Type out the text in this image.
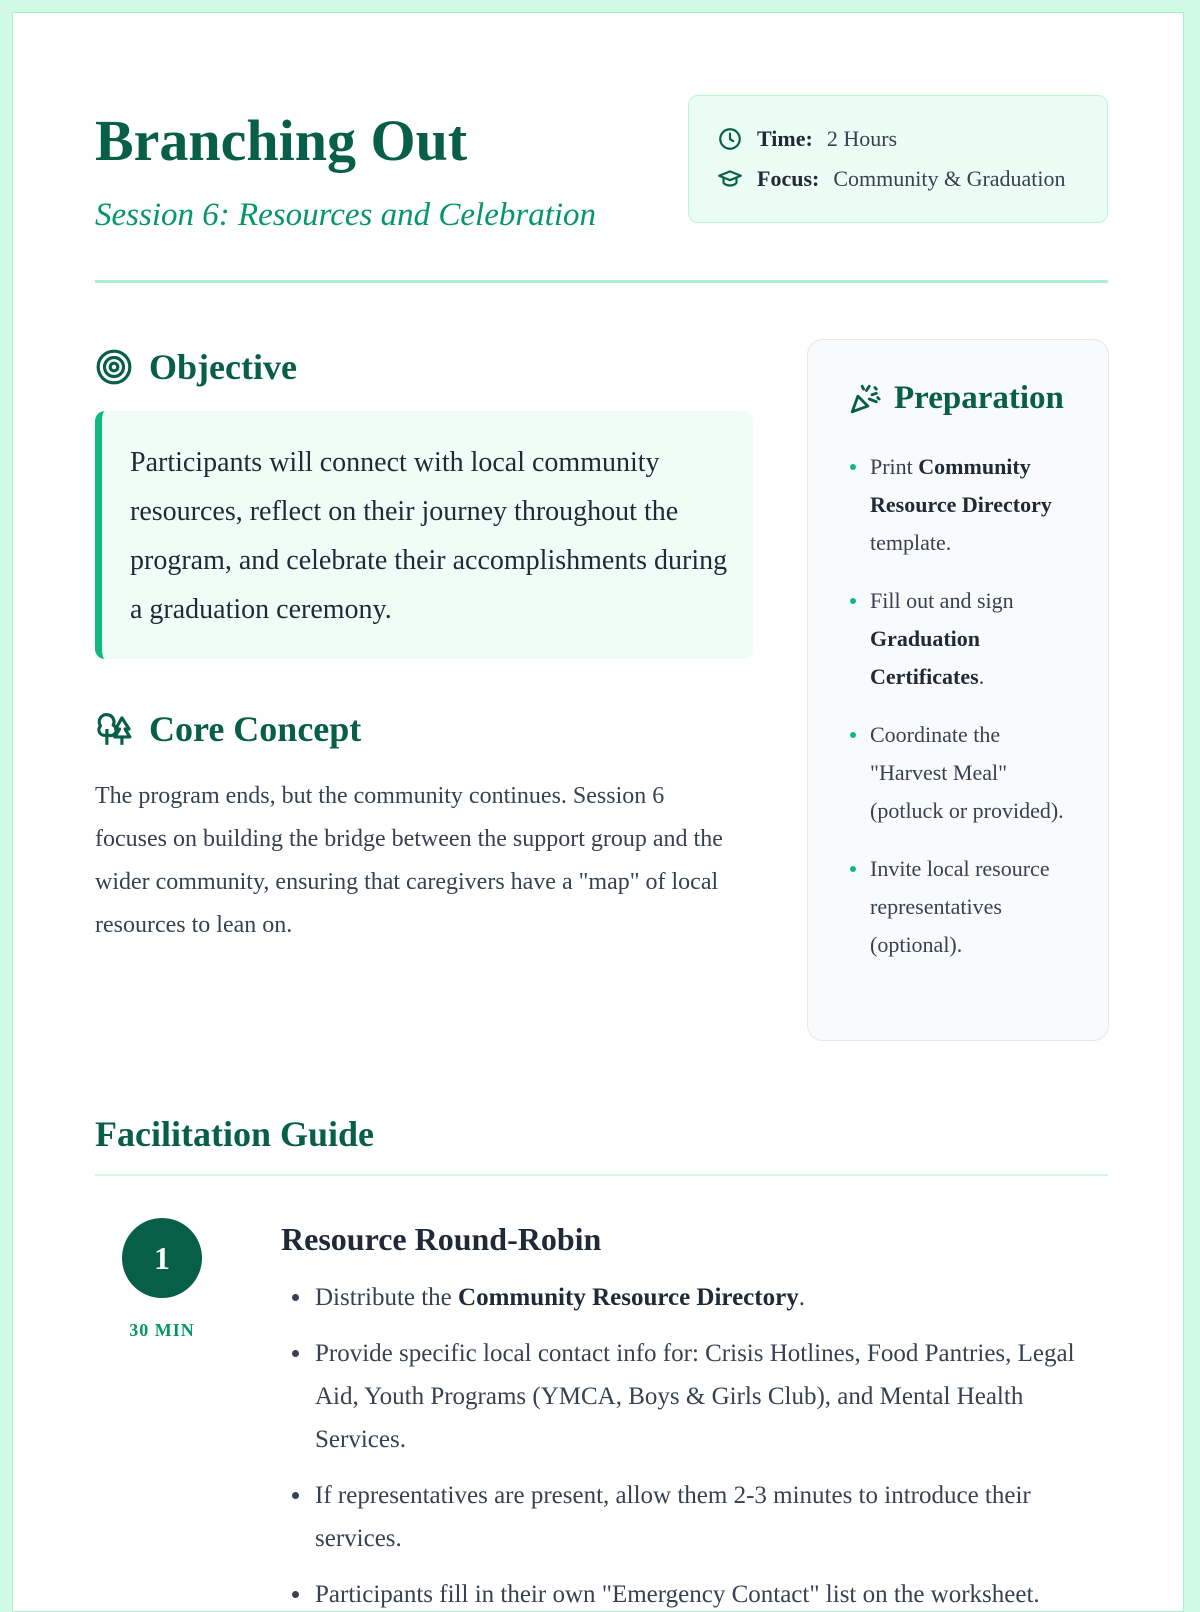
Branching Out

Session 6: Resources and Celebration

Time: 2 Hours
Focus: Community & Graduation
Objective
Participants will connect with local community resources, reflect on their journey throughout the program, and celebrate their accomplishments during a graduation ceremony.
Core Concept

The program ends, but the community continues. Session 6 focuses on building the bridge between the support group and the wider community, ensuring that caregivers have a "map" of local resources to lean on.

Preparation
Print Community Resource Directory template.
Fill out and sign Graduation Certificates.
Coordinate the "Harvest Meal" (potluck or provided).
Invite local resource representatives (optional).
Facilitation Guide
1
30 MIN
Resource Round-Robin
• Distribute the Community Resource Directory.
• Provide specific local contact info for: Crisis Hotlines, Food Pantries, Legal Aid, Youth Programs (YMCA, Boys & Girls Club), and Mental Health Services.
• If representatives are present, allow them 2-3 minutes to introduce their services.
• Participants fill in their own "Emergency Contact" list on the worksheet.
